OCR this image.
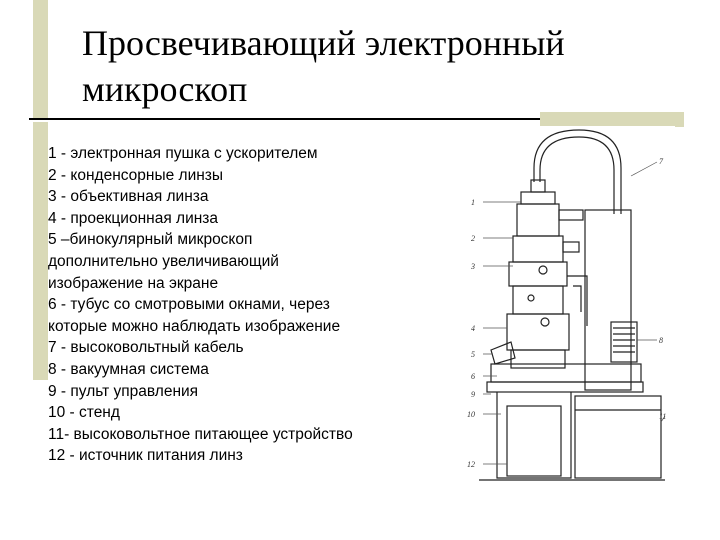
Просвечивающий электронный
микроскоп
1 - электронная пушка с ускорителем
2 - конденсорные линзы
3 - объективная линза
4 - проекционная линза
5 –бинокулярный микроскоп
дополнительно увеличивающий
изображение на экране
6 - тубус со смотровыми окнами, через
которые можно наблюдать изображение
7 - высоковольтный кабель
8 - вакуумная система
9 - пульт управления
10 - стенд
11- высоковольтное питающее устройство
12 - источник питания линз
1
2
3
4
5
6
9
10
12
7
8
11
